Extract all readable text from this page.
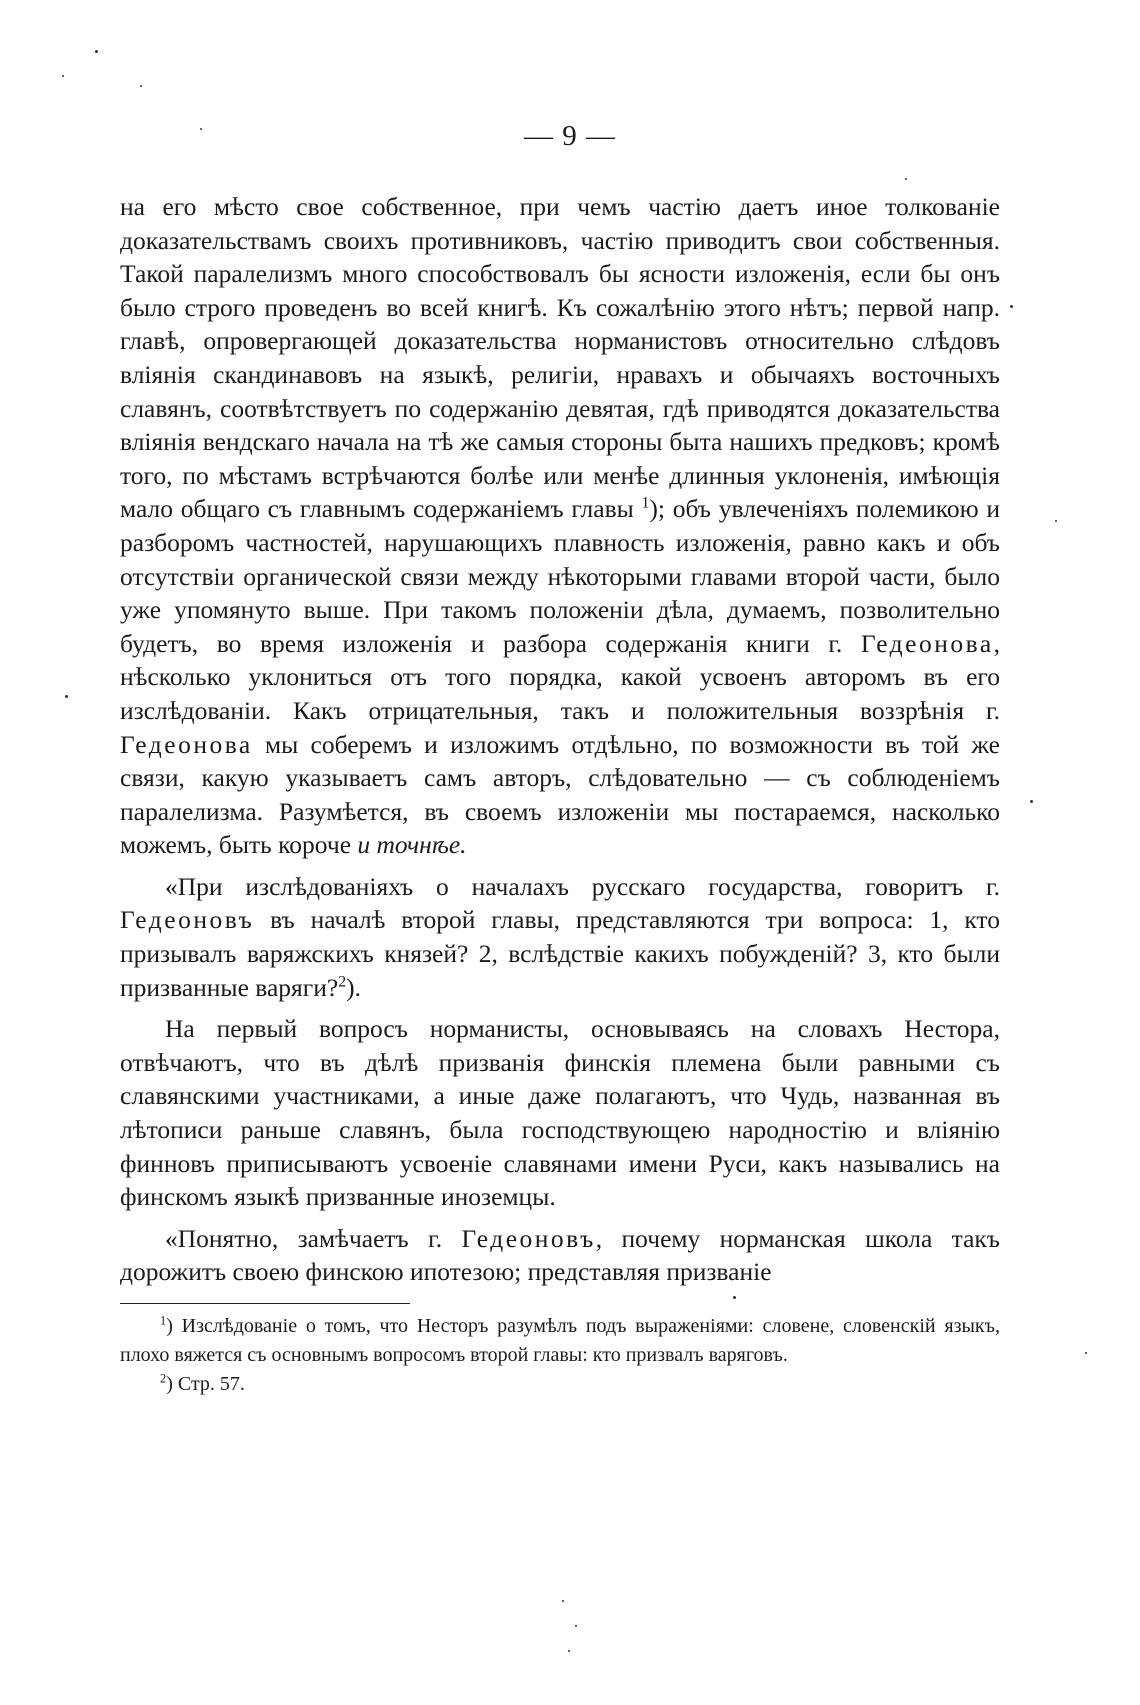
— 9 —

на его мѣсто свое собственное, при чемъ частію даетъ иное толкованіе доказательствамъ своихъ противниковъ, частію приводитъ свои собственныя. Такой паралелизмъ много способствовалъ бы ясности изложенія, если бы онъ было строго проведенъ во всей книгѣ. Къ сожалѣнію этого нѣтъ; первой напр. главѣ, опровергающей доказательства норманистовъ относительно слѣдовъ вліянія скандинавовъ на языкѣ, религіи, нравахъ и обычаяхъ восточныхъ славянъ, соотвѣтствуетъ по содержанію девятая, гдѣ приводятся доказательства вліянія вендскаго начала на тѣ же самыя стороны быта нашихъ предковъ; кромѣ того, по мѣстамъ встрѣчаются болѣе или менѣе длинныя уклоненія, имѣющія мало общаго съ главнымъ содержаніемъ главы $^1$); объ увлеченіяхъ полемикою и разборомъ частностей, нарушающихъ плавность изложенія, равно какъ и объ отсутствіи органической связи между нѣкоторыми главами второй части, было уже упомянуто выше. При такомъ положеніи дѣла, думаемъ, позволительно будетъ, во время изложенія и разбора содержанія книги г. Гедеонова, нѣсколько уклониться отъ того порядка, какой усвоенъ авторомъ въ его изслѣдованіи. Какъ отрицательныя, такъ и положительныя воззрѣнія г. Гедеонова мы соберемъ и изложимъ отдѣльно, по возможности въ той же связи, какую указываетъ самъ авторъ, слѣдовательно — съ соблюденіемъ паралелизма. Разумѣется, въ своемъ изложеніи мы постараемся, насколько можемъ, быть короче и точнѣе.

«При изслѣдованіяхъ о началахъ русскаго государства, говоритъ г. Гедеоновъ въ началѣ второй главы, представляются три вопроса: 1, кто призывалъ варяжскихъ князей? 2, вслѣдствіе какихъ побужденій? 3, кто были призванные варяги?$^2$).

На первый вопросъ норманисты, основываясь на словахъ Нестора, отвѣчаютъ, что въ дѣлѣ призванія финскія племена были равными съ славянскими участниками, а иные даже полагаютъ, что Чудь, названная въ лѣтописи раньше славянъ, была господствующею народностію и вліянію финновъ приписываютъ усвоеніе славянами имени Руси, какъ назывались на финскомъ языкѣ призванные иноземцы.

«Понятно, замѣчаетъ г. Гедеоновъ, почему норманская школа такъ дорожитъ своею финскою ипотезою; представляя призваніе

$^1$) Изслѣдованіе о томъ, что Несторъ разумѣлъ подъ выраженіями: словене, словенскій языкъ, плохо вяжется съ основнымъ вопросомъ второй главы: кто призвалъ варяговъ.

$^2$) Стр. 57.
